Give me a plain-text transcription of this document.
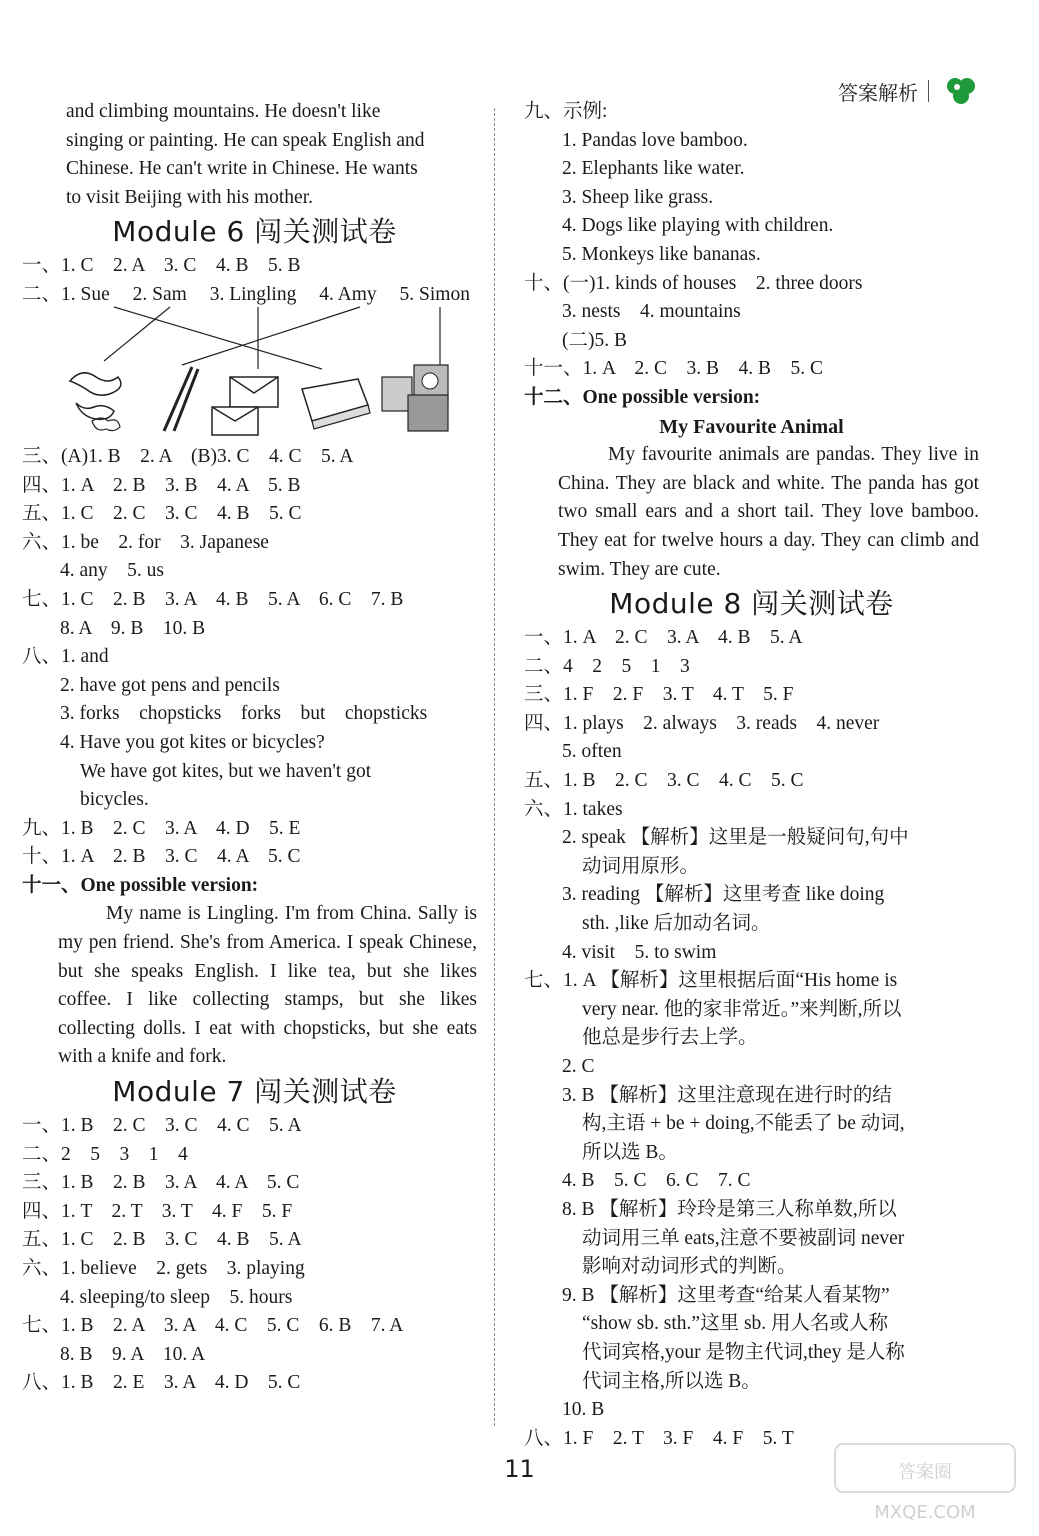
答案解析
and climbing mountains. He doesn't like
singing or painting. He can speak English and
Chinese. He can't write in Chinese. He wants
to visit Beijing with his mother.
Module 6 闯关测试卷
一、1. C　2. A　3. C　4. B　5. B
二、1. Sue 2. Sam 3. Lingling 4. Amy 5. Simon
三、(A)1. B　2. A　(B)3. C　4. C　5. A
四、1. A　2. B　3. B　4. A　5. B
五、1. C　2. C　3. C　4. B　5. C
六、1. be　2. for　3. Japanese
4. any　5. us
七、1. C　2. B　3. A　4. B　5. A　6. C　7. B
8. A　9. B　10. B
八、1. and
2. have got pens and pencils
3. forks　chopsticks　forks　but　chopsticks
4. Have you got kites or bicycles?
We have got kites, but we haven't got
bicycles.
九、1. B　2. C　3. A　4. D　5. E
十、1. A　2. B　3. C　4. A　5. C
十一、One possible version:
My name is Lingling. I'm from China. Sally is my pen friend. She's from America. I speak Chinese, but she speaks English. I like tea, but she likes coffee. I like collecting stamps, but she likes collecting dolls. I eat with chopsticks, but she eats with a knife and fork.
Module 7 闯关测试卷
一、1. B　2. C　3. C　4. C　5. A
二、2　5　3　1　4
三、1. B　2. B　3. A　4. A　5. C
四、1. T　2. T　3. T　4. F　5. F
五、1. C　2. B　3. C　4. B　5. A
六、1. believe　2. gets　3. playing
4. sleeping/to sleep　5. hours
七、1. B　2. A　3. A　4. C　5. C　6. B　7. A
8. B　9. A　10. A
八、1. B　2. E　3. A　4. D　5. C
九、示例:
1. Pandas love bamboo.
2. Elephants like water.
3. Sheep like grass.
4. Dogs like playing with children.
5. Monkeys like bananas.
十、(一)1. kinds of houses　2. three doors
3. nests　4. mountains
(二)5. B
十一、1. A　2. C　3. B　4. B　5. C
十二、One possible version:
My Favourite Animal
My favourite animals are pandas. They live in China. They are black and white. The panda has got two small ears and a short tail. They love bamboo. They eat for twelve hours a day. They can climb and swim. They are cute.
Module 8 闯关测试卷
一、1. A　2. C　3. A　4. B　5. A
二、4　2　5　1　3
三、1. F　2. F　3. T　4. T　5. F
四、1. plays　2. always　3. reads　4. never
5. often
五、1. B　2. C　3. C　4. C　5. C
六、1. takes
2. speak 【解析】这里是一般疑问句,句中
动词用原形。
3. reading 【解析】这里考查 like doing
sth. ,like 后加动名词。
4. visit　5. to swim
七、1. A 【解析】这里根据后面“His home is
very near. 他的家非常近。”来判断,所以
他总是步行去上学。
2. C
3. B 【解析】这里注意现在进行时的结
构,主语 + be + doing,不能丢了 be 动词,
所以选 B。
4. B　5. C　6. C　7. C
8. B 【解析】玲玲是第三人称单数,所以
动词用三单 eats,注意不要被副词 never
影响对动词形式的判断。
9. B 【解析】这里考查“给某人看某物”
“show sb. sth.”这里 sb. 用人名或人称
代词宾格,your 是物主代词,they 是人称
代词主格,所以选 B。
10. B
八、1. F　2. T　3. F　4. F　5. T
11	答案圈
MXQE.COM
